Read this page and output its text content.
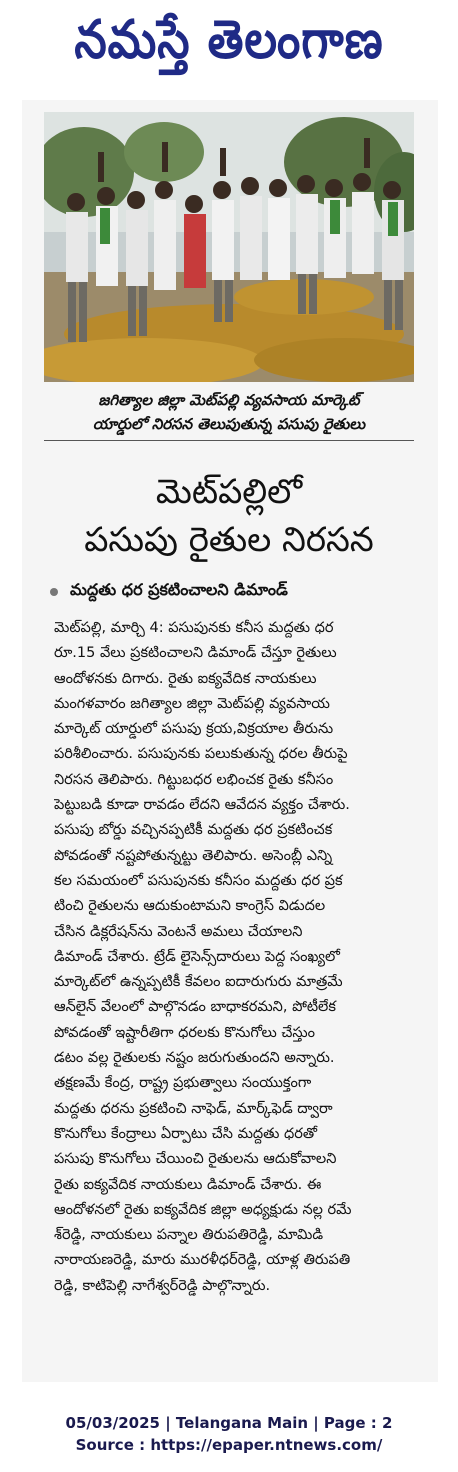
నమస్తే తెలంగాణ
జగిత్యాల జిల్లా మెట్‌పల్లి వ్యవసాయ మార్కెట్
యార్డులో నిరసన తెలుపుతున్న పసుపు రైతులు
మెట్‌పల్లిలో
పసుపు రైతుల నిరసన
మద్దతు ధర ప్రకటించాలని డిమాండ్
మెట్‌పల్లి, మార్చి 4: పసుపునకు కనీస మద్దతు ధర
రూ.15 వేలు ప్రకటించాలని డిమాండ్ చేస్తూ రైతులు
ఆందోళనకు దిగారు. రైతు ఐక్యవేదిక నాయకులు
మంగళవారం జగిత్యాల జిల్లా మెట్‌పల్లి వ్యవసాయ
మార్కెట్ యార్డులో పసుపు క్రయ,విక్రయాల తీరును
పరిశీలించారు. పసుపునకు పలుకుతున్న ధరల తీరుపై
నిరసన తెలిపారు. గిట్టుబధర లభించక రైతు కనీసం
పెట్టుబడి కూడా రావడం లేదని ఆవేదన వ్యక్తం చేశారు.
పసుపు బోర్డు వచ్చినప్పటికీ మద్దతు ధర ప్రకటించక
పోవడంతో నష్టపోతున్నట్టు తెలిపారు. అసెంబ్లీ ఎన్ని
కల సమయంలో పసుపునకు కనీసం మద్దతు ధర ప్రక
టించి రైతులను ఆదుకుంటామని కాంగ్రెస్ విడుదల
చేసిన డిక్లరేషన్‌ను వెంటనే అమలు చేయాలని
డిమాండ్ చేశారు. ట్రేడ్ లైసెన్స్‌దారులు పెద్ద సంఖ్యలో
మార్కెట్‌లో ఉన్నప్పటికీ కేవలం ఐదారుగురు మాత్రమే
ఆన్‌లైన్ వేలంలో పాల్గొనడం బాధాకరమని, పోటీలేక
పోవడంతో ఇష్టారీతిగా ధరలకు కొనుగోలు చేస్తుం
డటం వల్ల రైతులకు నష్టం జరుగుతుందని అన్నారు.
తక్షణమే కేంద్ర, రాష్ట్ర ప్రభుత్వాలు సంయుక్తంగా
మద్దతు ధరను ప్రకటించి నాఫెడ్, మార్క్‌ఫెడ్ ద్వారా
కొనుగోలు కేంద్రాలు ఏర్పాటు చేసి మద్దతు ధరతో
పసుపు కొనుగోలు చేయించి రైతులను ఆదుకోవాలని
రైతు ఐక్యవేదిక నాయకులు డిమాండ్ చేశారు. ఈ
ఆందోళనలో రైతు ఐక్యవేదిక జిల్లా అధ్యక్షుడు నల్ల రమే
శ్‌రెడ్డి, నాయకులు పన్నాల తిరుపతిరెడ్డి, మామిడి
నారాయణరెడ్డి, మారు మురళీధర్‌రెడ్డి, యాళ్ల తిరుపతి
రెడ్డి, కాటిపెల్లి నాగేశ్వర్‌రెడ్డి పాల్గొన్నారు.
05/03/2025 | Telangana Main | Page : 2
Source : https://epaper.ntnews.com/
